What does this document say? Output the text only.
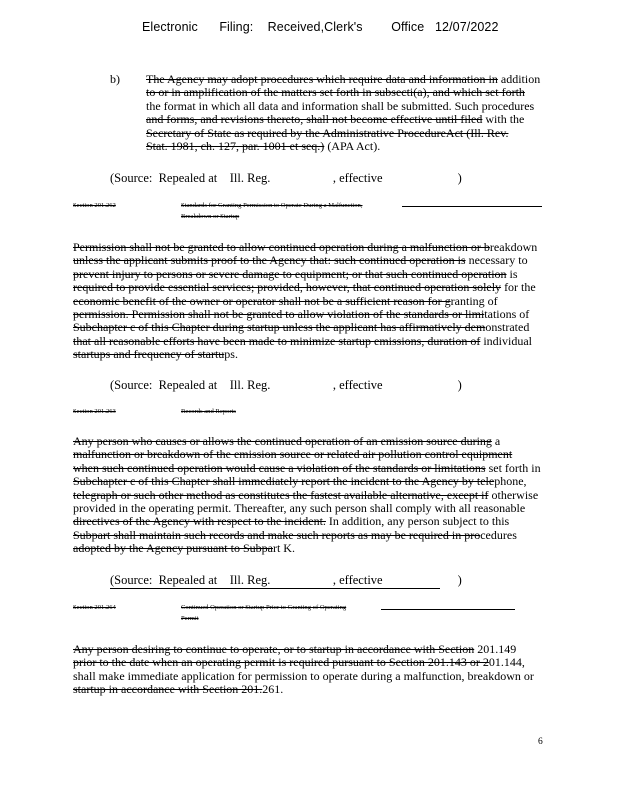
Electronic      Filing:    Received,Clerk's        Office   12/07/2022
b) The Agency may adopt procedures which require data and information in addition
to or in amplification of the matters set forth in subsecti(a), and which set forth
the format in which all data and information shall be submitted. Such procedures
and forms, and revisions thereto, shall not become effective until filed with the
Secretary of State as required by the Administrative ProcedureAct (Ill. Rev.
Stat. 1981, ch. 127, par. 1001 et seq.) (APA Act).
(Source:  Repealed at    Ill. Reg.                    , effective                        )
Section 201.262	Standards for Granting Permission to Operate During a Malfunction,
Breakdown or Startup
Permission shall not be granted to allow continued operation during a malfunction or breakdown
unless the applicant submits proof to the Agency that: such continued operation is necessary to
prevent injury to persons or severe damage to equipment; or that such continued operation is
required to provide essential services; provided, however, that continued operation solely for the
economic benefit of the owner or operator shall not be a sufficient reason for granting of
permission. Permission shall not be granted to allow violation of the standards or limitations of
Subchapter c of this Chapter during startup unless the applicant has affirmatively demonstrated
that all reasonable efforts have been made to minimize startup emissions, duration of individual
startups and frequency of startups.
(Source:  Repealed at    Ill. Reg.                    , effective                        )
Section 201.263	Records and Reports
Any person who causes or allows the continued operation of an emission source during a
malfunction or breakdown of the emission source or related air pollution control equipment
when such continued operation would cause a violation of the standards or limitations set forth in
Subchapter c of this Chapter shall immediately report the incident to the Agency by telephone,
telegraph or such other method as constitutes the fastest available alternative, except if otherwise
provided in the operating permit. Thereafter, any such person shall comply with all reasonable
directives of the Agency with respect to the incident. In addition, any person subject to this
Subpart shall maintain such records and make such reports as may be required in procedures
adopted by the Agency pursuant to Subpart K.
(Source:  Repealed at    Ill. Reg.                    , effective                        )
Section 201.264	Continued Operation or Startup Prior to Granting of Operating
Permit
Any person desiring to continue to operate, or to startup in accordance with Section 201.149
prior to the date when an operating permit is required pursuant to Section 201.143 or 201.144,
shall make immediate application for permission to operate during a malfunction, breakdown or
startup in accordance with Section 201.261.
6
